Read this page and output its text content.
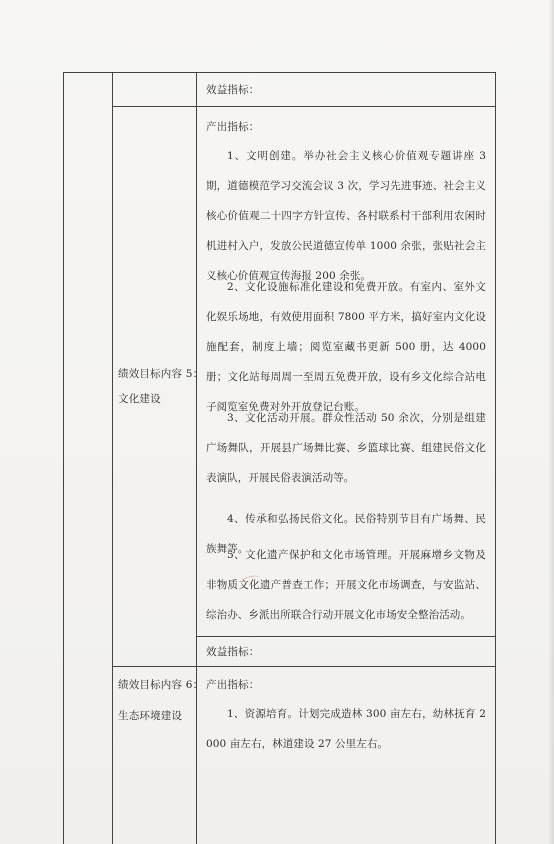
效益指标：
绩效目标内容 5：
文化建设
产出指标：
1、文明创建。举办社会主义核心价值观专题讲座 3 期，道德模范学习交流会议 3 次，学习先进事迹、社会主义核心价值观二十四字方针宣传、各村联系村干部利用农闲时机进村入户，发放公民道德宣传单 1000 余张，张贴社会主义核心价值观宣传海报 200 余张。
2、文化设施标准化建设和免费开放。有室内、室外文化娱乐场地，有效使用面积 7800 平方米，搞好室内文化设施配套，制度上墙；阅览室藏书更新 500 册，达 4000 册；文化站每周周一至周五免费开放，设有乡文化综合站电子阅览室免费对外开放登记台账。
3、文化活动开展。群众性活动 50 余次，分别是组建广场舞队，开展县广场舞比赛、乡篮球比赛、组建民俗文化表演队，开展民俗表演活动等。
4、传承和弘扬民俗文化。民俗特别节目有广场舞、民族舞等。
5、文化遗产保护和文化市场管理。开展麻增乡文物及非物质文化遗产普查工作；开展文化市场调查，与安监站、综治办、乡派出所联合行动开展文化市场安全整治活动。
效益指标：
绩效目标内容 6：
生态环境建设
产出指标：
1、资源培育。计划完成造林 300 亩左右，幼林抚育 2000 亩左右，林道建设 27 公里左右。
